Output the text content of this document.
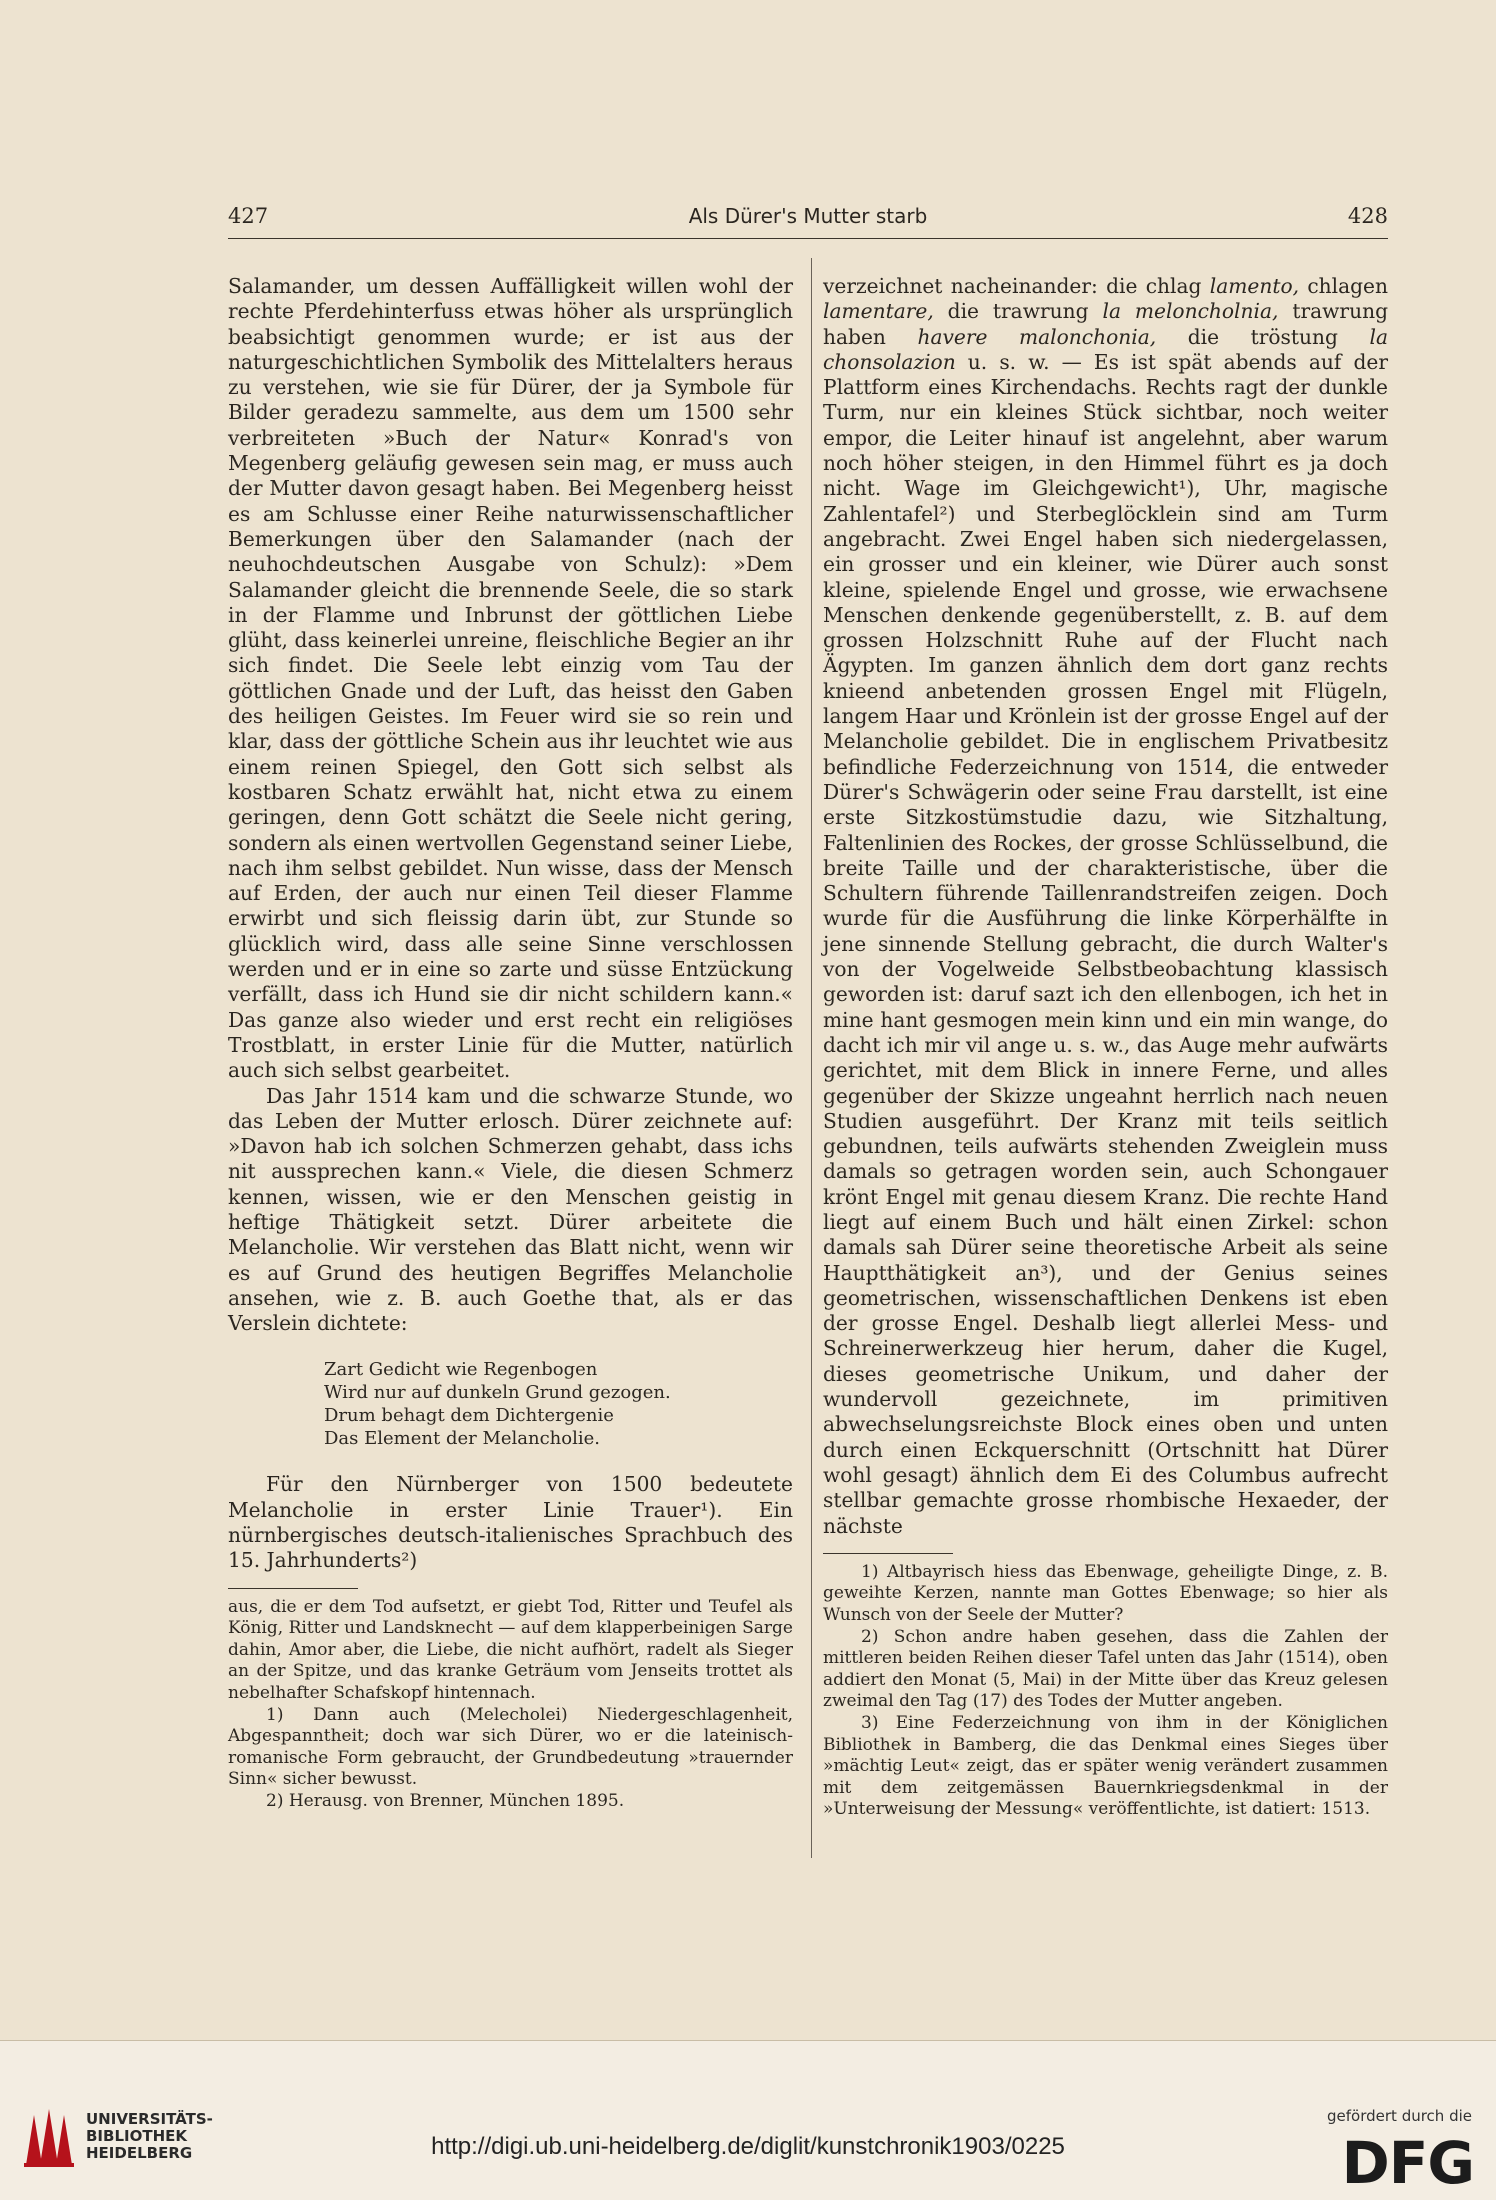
427	Als Dürer's Mutter starb	428

Salamander, um dessen Auffälligkeit willen wohl der rechte Pferdehinterfuss etwas höher als ursprünglich beabsichtigt genommen wurde; er ist aus der naturgeschichtlichen Symbolik des Mittelalters heraus zu verstehen, wie sie für Dürer, der ja Symbole für Bilder geradezu sammelte, aus dem um 1500 sehr verbreiteten »Buch der Natur« Konrad's von Megenberg geläufig gewesen sein mag, er muss auch der Mutter davon gesagt haben. Bei Megenberg heisst es am Schlusse einer Reihe naturwissenschaftlicher Bemerkungen über den Salamander (nach der neuhochdeutschen Ausgabe von Schulz): »Dem Salamander gleicht die brennende Seele, die so stark in der Flamme und Inbrunst der göttlichen Liebe glüht, dass keinerlei unreine, fleischliche Begier an ihr sich findet. Die Seele lebt einzig vom Tau der göttlichen Gnade und der Luft, das heisst den Gaben des heiligen Geistes. Im Feuer wird sie so rein und klar, dass der göttliche Schein aus ihr leuchtet wie aus einem reinen Spiegel, den Gott sich selbst als kostbaren Schatz erwählt hat, nicht etwa zu einem geringen, denn Gott schätzt die Seele nicht gering, sondern als einen wertvollen Gegenstand seiner Liebe, nach ihm selbst gebildet. Nun wisse, dass der Mensch auf Erden, der auch nur einen Teil dieser Flamme erwirbt und sich fleissig darin übt, zur Stunde so glücklich wird, dass alle seine Sinne verschlossen werden und er in eine so zarte und süsse Entzückung verfällt, dass ich Hund sie dir nicht schildern kann.« Das ganze also wieder und erst recht ein religiöses Trostblatt, in erster Linie für die Mutter, natürlich auch sich selbst gearbeitet.

Das Jahr 1514 kam und die schwarze Stunde, wo das Leben der Mutter erlosch. Dürer zeichnete auf: »Davon hab ich solchen Schmerzen gehabt, dass ichs nit aussprechen kann.« Viele, die diesen Schmerz kennen, wissen, wie er den Menschen geistig in heftige Thätigkeit setzt. Dürer arbeitete die Melancholie. Wir verstehen das Blatt nicht, wenn wir es auf Grund des heutigen Begriffes Melancholie ansehen, wie z. B. auch Goethe that, als er das Verslein dichtete:

Zart Gedicht wie Regenbogen
Wird nur auf dunkeln Grund gezogen.
Drum behagt dem Dichtergenie
Das Element der Melancholie.

Für den Nürnberger von 1500 bedeutete Melancholie in erster Linie Trauer¹). Ein nürnbergisches deutsch-italienisches Sprachbuch des 15. Jahrhunderts²)

aus, die er dem Tod aufsetzt, er giebt Tod, Ritter und Teufel als König, Ritter und Landsknecht — auf dem klapperbeinigen Sarge dahin, Amor aber, die Liebe, die nicht aufhört, radelt als Sieger an der Spitze, und das kranke Geträum vom Jenseits trottet als nebelhafter Schafskopf hintennach.

1) Dann auch (Melecholei) Niedergeschlagenheit, Abgespanntheit; doch war sich Dürer, wo er die lateinisch-romanische Form gebraucht, der Grundbedeutung »trauernder Sinn« sicher bewusst.

2) Herausg. von Brenner, München 1895.

verzeichnet nacheinander: die chlag lamento, chlagen lamentare, die trawrung la meloncholnia, trawrung haben havere malonchonia, die tröstung la chonsolazion u. s. w. — Es ist spät abends auf der Plattform eines Kirchendachs. Rechts ragt der dunkle Turm, nur ein kleines Stück sichtbar, noch weiter empor, die Leiter hinauf ist angelehnt, aber warum noch höher steigen, in den Himmel führt es ja doch nicht. Wage im Gleichgewicht¹), Uhr, magische Zahlentafel²) und Sterbeglöcklein sind am Turm angebracht. Zwei Engel haben sich niedergelassen, ein grosser und ein kleiner, wie Dürer auch sonst kleine, spielende Engel und grosse, wie erwachsene Menschen denkende gegenüberstellt, z. B. auf dem grossen Holzschnitt Ruhe auf der Flucht nach Ägypten. Im ganzen ähnlich dem dort ganz rechts knieend anbetenden grossen Engel mit Flügeln, langem Haar und Krönlein ist der grosse Engel auf der Melancholie gebildet. Die in englischem Privatbesitz befindliche Federzeichnung von 1514, die entweder Dürer's Schwägerin oder seine Frau darstellt, ist eine erste Sitzkostümstudie dazu, wie Sitzhaltung, Faltenlinien des Rockes, der grosse Schlüsselbund, die breite Taille und der charakteristische, über die Schultern führende Taillenrandstreifen zeigen. Doch wurde für die Ausführung die linke Körperhälfte in jene sinnende Stellung gebracht, die durch Walter's von der Vogelweide Selbstbeobachtung klassisch geworden ist: daruf sazt ich den ellenbogen, ich het in mine hant gesmogen mein kinn und ein min wange, do dacht ich mir vil ange u. s. w., das Auge mehr aufwärts gerichtet, mit dem Blick in innere Ferne, und alles gegenüber der Skizze ungeahnt herrlich nach neuen Studien ausgeführt. Der Kranz mit teils seitlich gebundnen, teils aufwärts stehenden Zweiglein muss damals so getragen worden sein, auch Schongauer krönt Engel mit genau diesem Kranz. Die rechte Hand liegt auf einem Buch und hält einen Zirkel: schon damals sah Dürer seine theoretische Arbeit als seine Hauptthätigkeit an³), und der Genius seines geometrischen, wissenschaftlichen Denkens ist eben der grosse Engel. Deshalb liegt allerlei Mess- und Schreinerwerkzeug hier herum, daher die Kugel, dieses geometrische Unikum, und daher der wundervoll gezeichnete, im primitiven abwechselungsreichste Block eines oben und unten durch einen Eckquerschnitt (Ortschnitt hat Dürer wohl gesagt) ähnlich dem Ei des Columbus aufrecht stellbar gemachte grosse rhombische Hexaeder, der nächste

1) Altbayrisch hiess das Ebenwage, geheiligte Dinge, z. B. geweihte Kerzen, nannte man Gottes Ebenwage; so hier als Wunsch von der Seele der Mutter?

2) Schon andre haben gesehen, dass die Zahlen der mittleren beiden Reihen dieser Tafel unten das Jahr (1514), oben addiert den Monat (5, Mai) in der Mitte über das Kreuz gelesen zweimal den Tag (17) des Todes der Mutter angeben.

3) Eine Federzeichnung von ihm in der Königlichen Bibliothek in Bamberg, die das Denkmal eines Sieges über »mächtig Leut« zeigt, das er später wenig verändert zusammen mit dem zeitgemässen Bauernkriegsdenkmal in der »Unterweisung der Messung« veröffentlichte, ist datiert: 1513.

UNIVERSITÄTS-
BIBLIOTHEK
HEIDELBERG	http://digi.ub.uni-heidelberg.de/diglit/kunstchronik1903/0225
gefördert durch die
DFG
